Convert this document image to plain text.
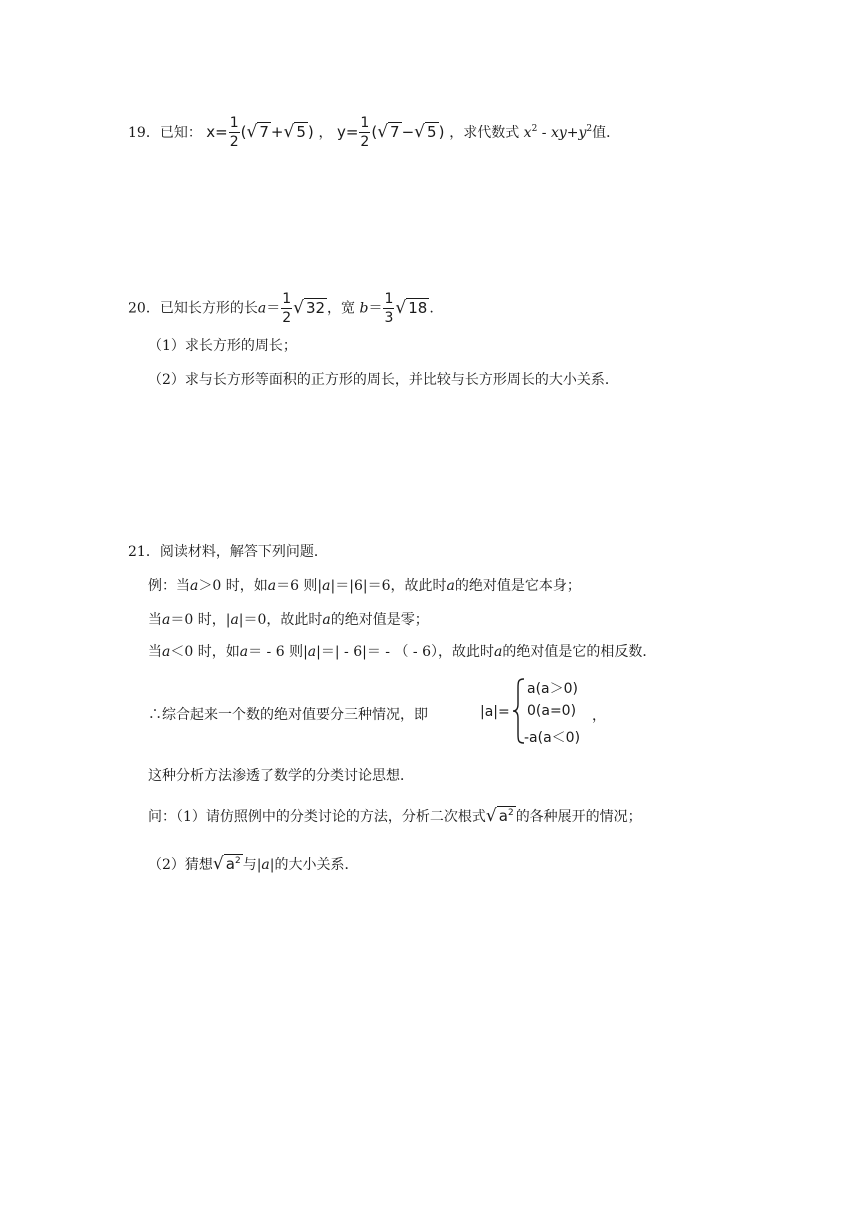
19．已知： $x= \frac{1}{2}$ (√ 7 +√ 5 ) ， $y= \frac{1}{2}$ (√ 7 −√ 5 ) ，求代数式 $x^2 - xy+y^2$值．
20．已知长方形的长$a= \frac{1}{2}$ √ 32 ，宽 $b= \frac{1}{3}$ √ 18 .
（1）求长方形的周长；
（2）求与长方形等面积的正方形的周长，并比较与长方形周长的大小关系．
21．阅读材料，解答下列问题．
例：当a＞0 时，如a＝6 则|a|＝|6|＝6，故此时a的绝对值是它本身；
当a＝0 时，|a|＝0，故此时a的绝对值是零；
当a＜0 时，如a＝ - 6 则|a|＝| - 6|＝ - （ - 6），故此时a的绝对值是它的相反数．
∴综合起来一个数的绝对值要分三种情况，即	|a|=
a(a＞0)
0(a=0)
-a(a＜0)
，
这种分析方法渗透了数学的分类讨论思想．
问：（1）请仿照例中的分类讨论的方法，分析二次根式√ $a^2$ 的各种展开的情况；
（2）猜想√ $a^2$ 与|a|的大小关系．
